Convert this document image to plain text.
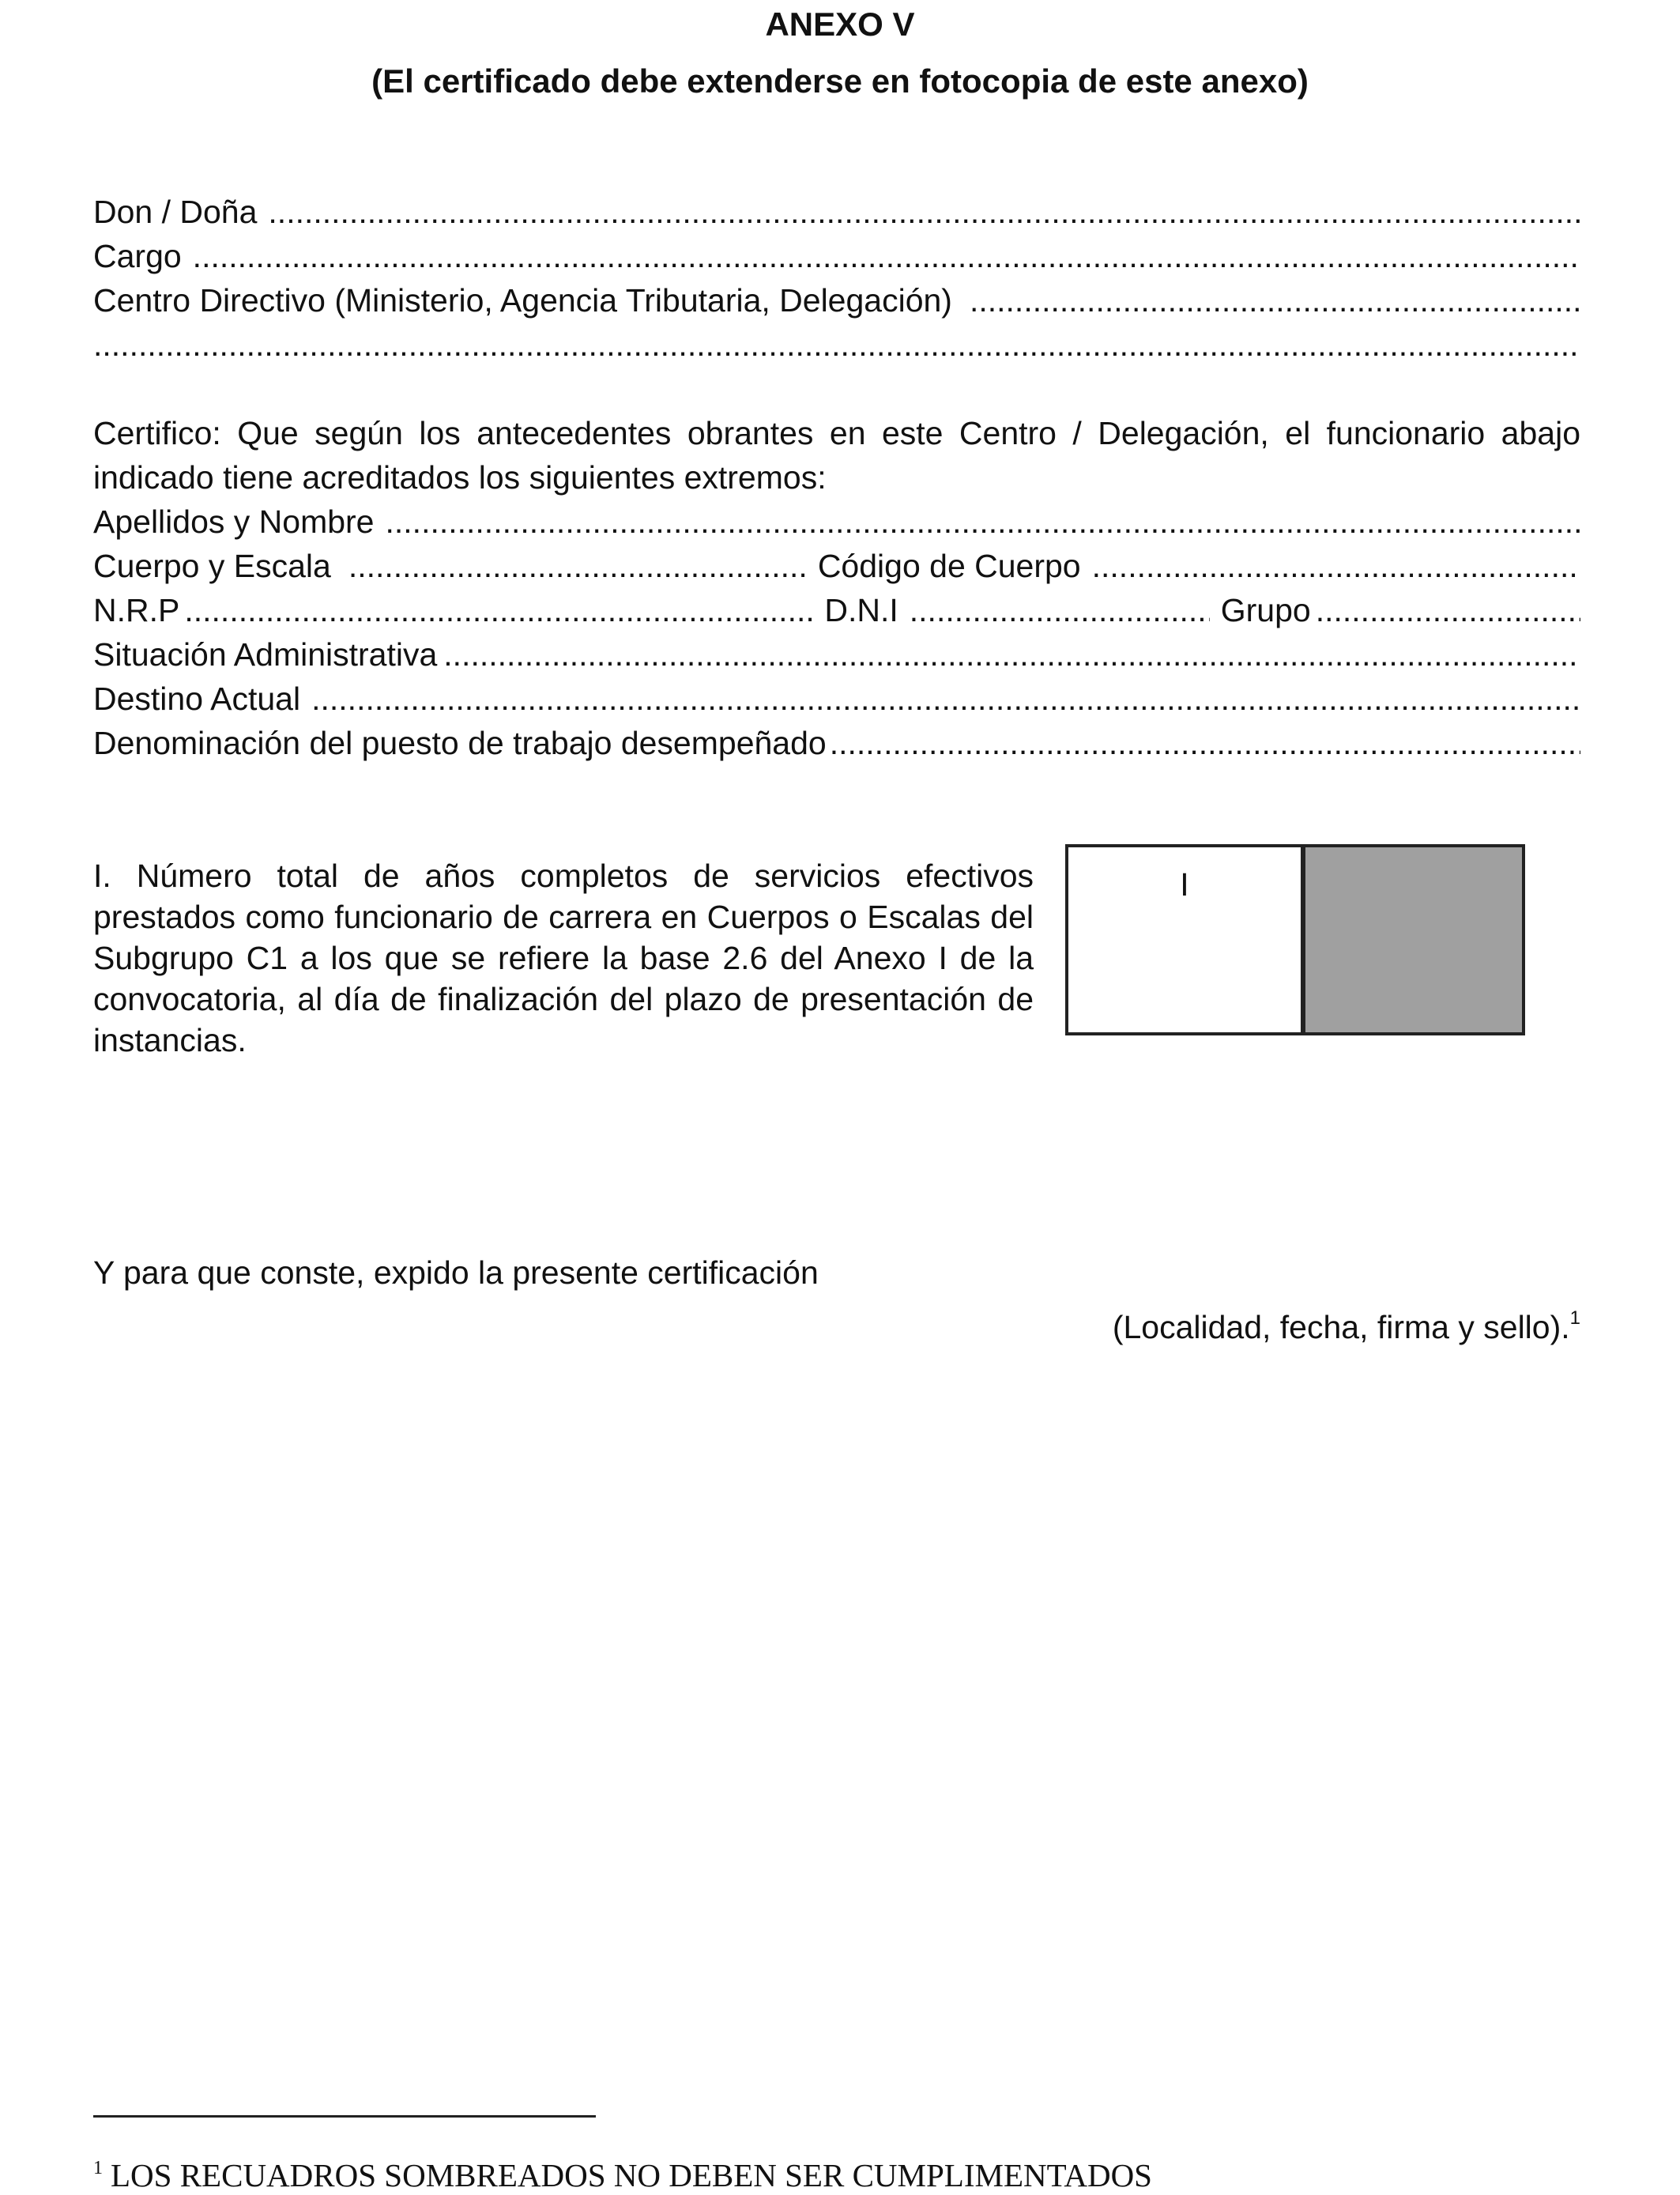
ANEXO V
(El certificado debe extenderse en fotocopia de este anexo)
Don / Doña
.....
Cargo
.....
Centro Directivo (Ministerio, Agencia Tributaria, Delegación)
.....
.....

Certifico: Que según los antecedentes obrantes en este Centro / Delegación, el funcionario abajo indicado tiene acreditados los siguientes extremos:

Apellidos y Nombre
.....
Cuerpo y Escala .....	Código de Cuerpo
.....
N.R.P .....	D.N.I .....	Grupo
.....
Situación Administrativa
.....
Destino Actual
.....
Denominación del puesto de trabajo desempeñado
.....
I. Número total de años completos de servicios efectivos prestados como funcionario de carrera en Cuerpos o Escalas del Subgrupo C1 a los que se refiere la base 2.6 del Anexo I de la convocatoria, al día de finalización del plazo de presentación de instancias.
I
Y para que conste, expido la presente certificación
(Localidad, fecha, firma y sello).$^1$
$^1$ LOS RECUADROS SOMBREADOS NO DEBEN SER CUMPLIMENTADOS
